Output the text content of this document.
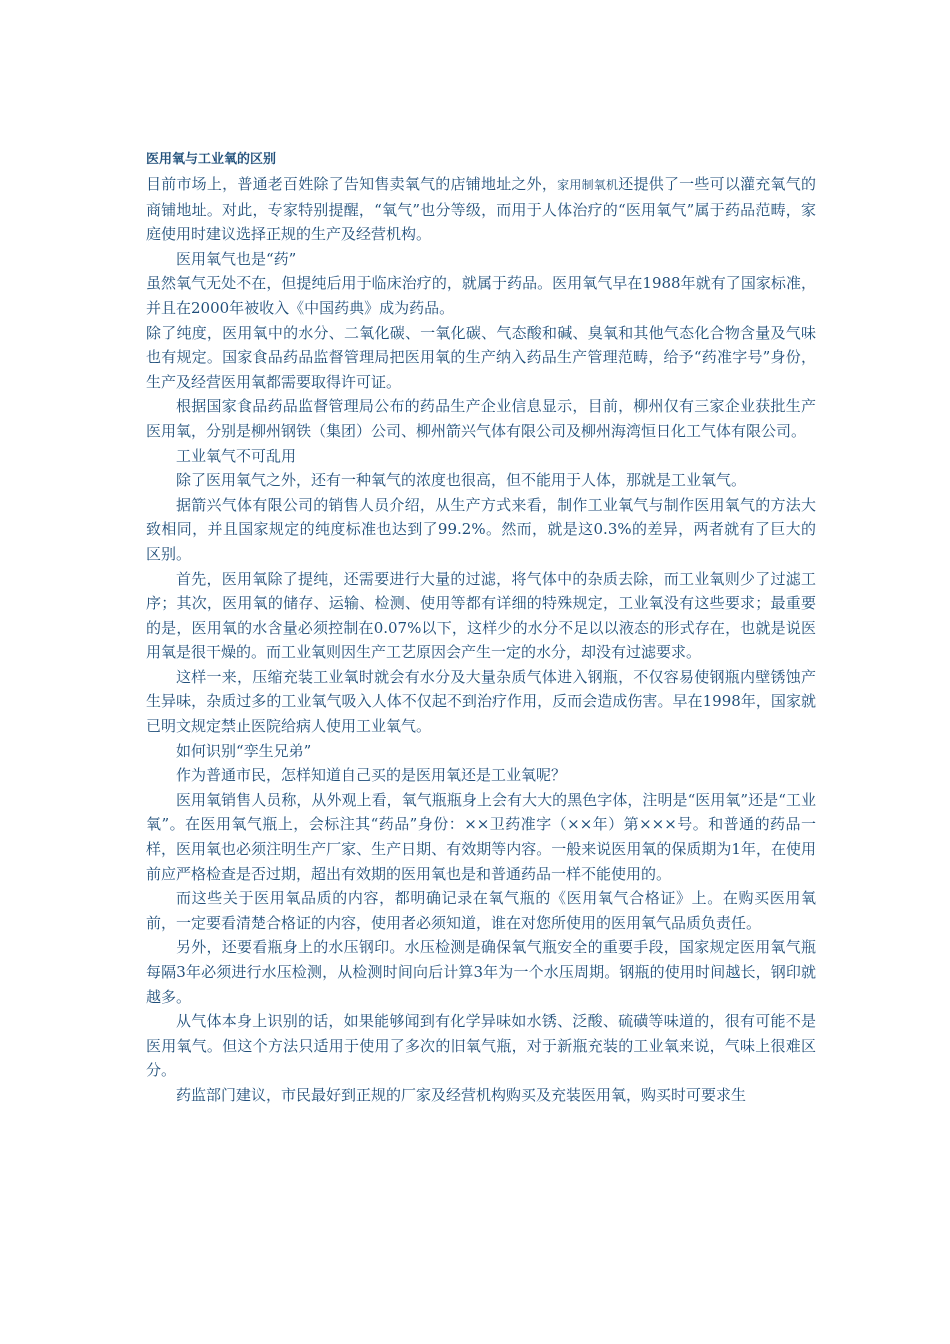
医用氧与工业氧的区别

目前市场上，普通老百姓除了告知售卖氧气的店铺地址之外，家用制氧机还提供了一些可以灌充氧气的商铺地址。对此，专家特别提醒，“氧气”也分等级，而用于人体治疗的“医用氧气”属于药品范畴，家庭使用时建议选择正规的生产及经营机构。

医用氧气也是“药”

虽然氧气无处不在，但提纯后用于临床治疗的，就属于药品。医用氧气早在1988年就有了国家标准，并且在2000年被收入《中国药典》成为药品。

除了纯度，医用氧中的水分、二氧化碳、一氧化碳、气态酸和碱、臭氧和其他气态化合物含量及气味也有规定。国家食品药品监督管理局把医用氧的生产纳入药品生产管理范畴，给予“药准字号”身份，生产及经营医用氧都需要取得许可证。

根据国家食品药品监督管理局公布的药品生产企业信息显示，目前，柳州仅有三家企业获批生产医用氧，分别是柳州钢铁（集团）公司、柳州箭兴气体有限公司及柳州海湾恒日化工气体有限公司。

工业氧气不可乱用

除了医用氧气之外，还有一种氧气的浓度也很高，但不能用于人体，那就是工业氧气。

据箭兴气体有限公司的销售人员介绍，从生产方式来看，制作工业氧气与制作医用氧气的方法大致相同，并且国家规定的纯度标准也达到了99.2%。然而，就是这0.3%的差异，两者就有了巨大的区别。

首先，医用氧除了提纯，还需要进行大量的过滤，将气体中的杂质去除，而工业氧则少了过滤工序；其次，医用氧的储存、运输、检测、使用等都有详细的特殊规定，工业氧没有这些要求；最重要的是，医用氧的水含量必须控制在0.07%以下，这样少的水分不足以以液态的形式存在，也就是说医用氧是很干燥的。而工业氧则因生产工艺原因会产生一定的水分，却没有过滤要求。

这样一来，压缩充装工业氧时就会有水分及大量杂质气体进入钢瓶，不仅容易使钢瓶内壁锈蚀产生异味，杂质过多的工业氧气吸入人体不仅起不到治疗作用，反而会造成伤害。早在1998年，国家就已明文规定禁止医院给病人使用工业氧气。

如何识别“孪生兄弟”

作为普通市民，怎样知道自己买的是医用氧还是工业氧呢？

医用氧销售人员称，从外观上看，氧气瓶瓶身上会有大大的黑色字体，注明是“医用氧”还是“工业氧”。在医用氧气瓶上，会标注其“药品”身份：××卫药准字（××年）第×××号。和普通的药品一样，医用氧也必须注明生产厂家、生产日期、有效期等内容。一般来说医用氧的保质期为1年，在使用前应严格检查是否过期，超出有效期的医用氧也是和普通药品一样不能使用的。

而这些关于医用氧品质的内容，都明确记录在氧气瓶的《医用氧气合格证》上。在购买医用氧前，一定要看清楚合格证的内容，使用者必须知道，谁在对您所使用的医用氧气品质负责任。

另外，还要看瓶身上的水压钢印。水压检测是确保氧气瓶安全的重要手段，国家规定医用氧气瓶每隔3年必须进行水压检测，从检测时间向后计算3年为一个水压周期。钢瓶的使用时间越长，钢印就越多。

从气体本身上识别的话，如果能够闻到有化学异味如水锈、泛酸、硫磺等味道的，很有可能不是医用氧气。但这个方法只适用于使用了多次的旧氧气瓶，对于新瓶充装的工业氧来说，气味上很难区分。

药监部门建议，市民最好到正规的厂家及经营机构购买及充装医用氧，购买时可要求生
